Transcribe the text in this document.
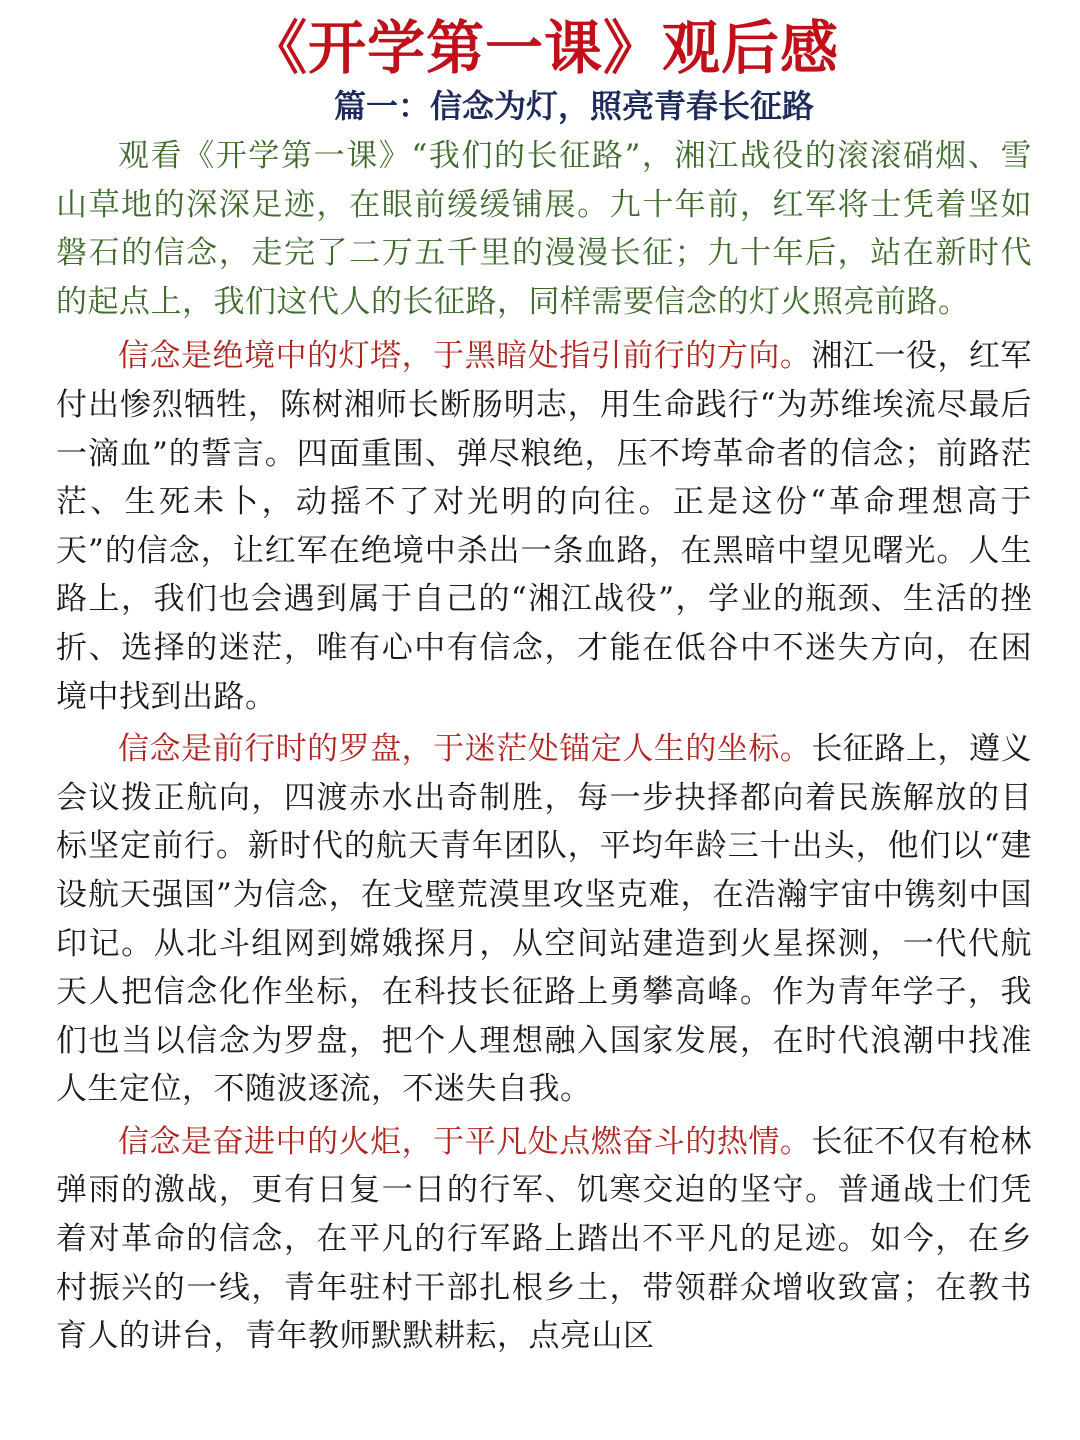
《开学第一课》观后感
篇一：信念为灯，照亮青春长征路

观看《开学第一课》“我们的长征路”，湘江战役的滚滚硝烟、雪山草地的深深足迹，在眼前缓缓铺展。九十年前，红军将士凭着坚如磐石的信念，走完了二万五千里的漫漫长征；九十年后，站在新时代的起点上，我们这代人的长征路，同样需要信念的灯火照亮前路。

信念是绝境中的灯塔，于黑暗处指引前行的方向。湘江一役，红军付出惨烈牺牲，陈树湘师长断肠明志，用生命践行“为苏维埃流尽最后一滴血”的誓言。四面重围、弹尽粮绝，压不垮革命者的信念；前路茫茫、生死未卜，动摇不了对光明的向往。正是这份“革命理想高于天”的信念，让红军在绝境中杀出一条血路，在黑暗中望见曙光。人生路上，我们也会遇到属于自己的“湘江战役”，学业的瓶颈、生活的挫折、选择的迷茫，唯有心中有信念，才能在低谷中不迷失方向，在困境中找到出路。

信念是前行时的罗盘，于迷茫处锚定人生的坐标。长征路上，遵义会议拨正航向，四渡赤水出奇制胜，每一步抉择都向着民族解放的目标坚定前行。新时代的航天青年团队，平均年龄三十出头，他们以“建设航天强国”为信念，在戈壁荒漠里攻坚克难，在浩瀚宇宙中镌刻中国印记。从北斗组网到嫦娥探月，从空间站建造到火星探测，一代代航天人把信念化作坐标，在科技长征路上勇攀高峰。作为青年学子，我们也当以信念为罗盘，把个人理想融入国家发展，在时代浪潮中找准人生定位，不随波逐流，不迷失自我。

信念是奋进中的火炬，于平凡处点燃奋斗的热情。长征不仅有枪林弹雨的激战，更有日复一日的行军、饥寒交迫的坚守。普通战士们凭着对革命的信念，在平凡的行军路上踏出不平凡的足迹。如今，在乡村振兴的一线，青年驻村干部扎根乡土，带领群众增收致富；在教书育人的讲台，青年教师默默耕耘，点亮山区
